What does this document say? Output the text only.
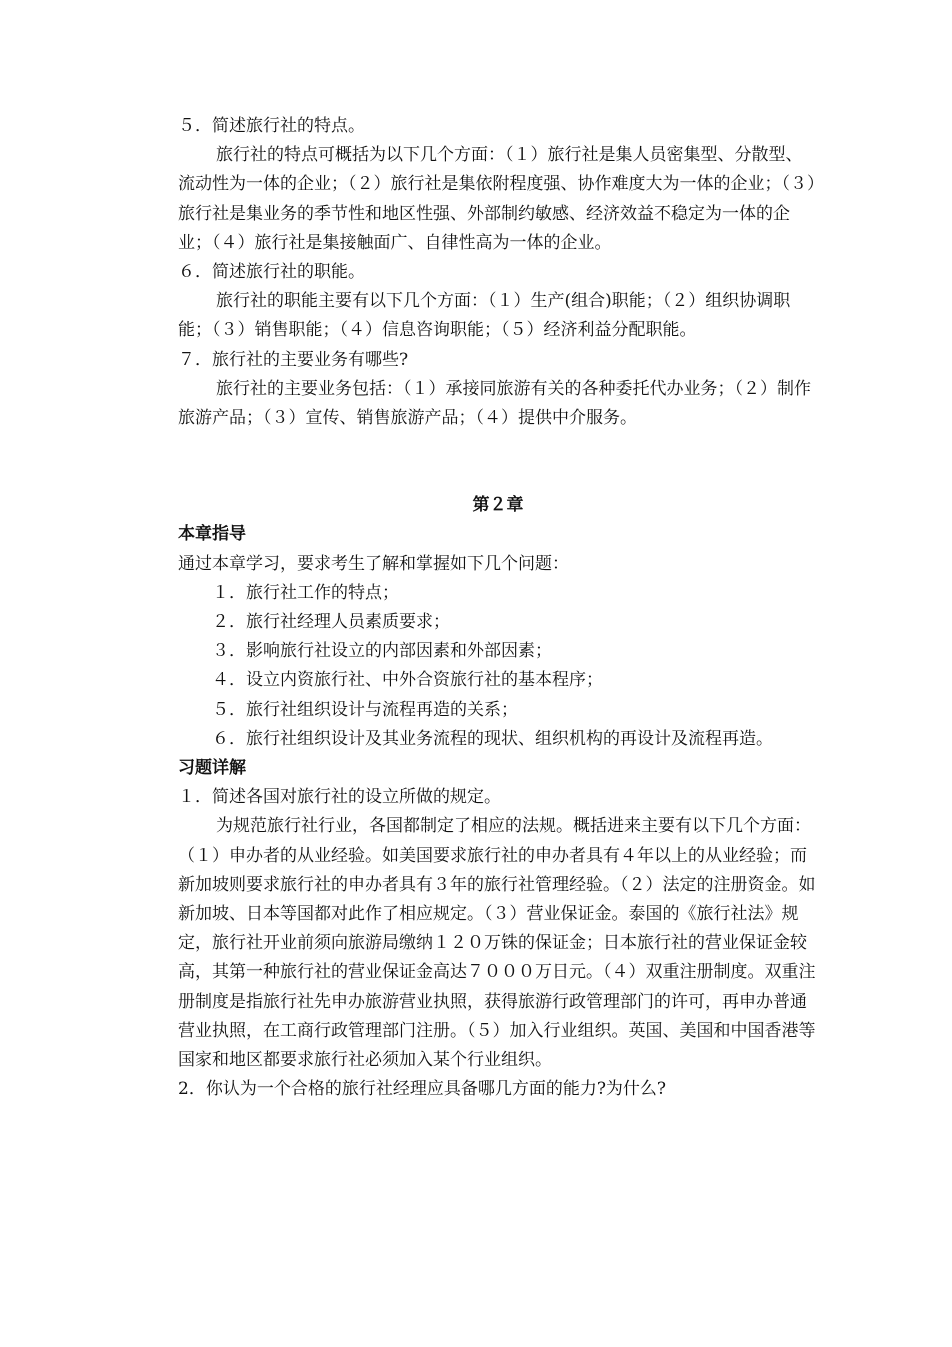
５．简述旅行社的特点。

旅行社的特点可概括为以下几个方面：（１）旅行社是集人员密集型、分散型、流动性为一体的企业；（２）旅行社是集依附程度强、协作难度大为一体的企业；（３）旅行社是集业务的季节性和地区性强、外部制约敏感、经济效益不稳定为一体的企业；（４）旅行社是集接触面广、自律性高为一体的企业。

６．简述旅行社的职能。

旅行社的职能主要有以下几个方面：（１）生产(组合)职能；（２）组织协调职能；（３）销售职能；（４）信息咨询职能；（５）经济利益分配职能。

７．旅行社的主要业务有哪些?

旅行社的主要业务包括：（１）承接同旅游有关的各种委托代办业务；（２）制作旅游产品；（３）宣传、销售旅游产品；（４）提供中介服务。

第２章

本章指导

通过本章学习，要求考生了解和掌握如下几个问题：

１．旅行社工作的特点；

２．旅行社经理人员素质要求；

３．影响旅行社设立的内部因素和外部因素；

４．设立内资旅行社、中外合资旅行社的基本程序；

５．旅行社组织设计与流程再造的关系；

６．旅行社组织设计及其业务流程的现状、组织机构的再设计及流程再造。

习题详解

１．简述各国对旅行社的设立所做的规定。

为规范旅行社行业，各国都制定了相应的法规。概括进来主要有以下几个方面：（１）申办者的从业经验。如美国要求旅行社的申办者具有４年以上的从业经验；而新加坡则要求旅行社的申办者具有３年的旅行社管理经验。（２）法定的注册资金。如新加坡、日本等国都对此作了相应规定。（３）营业保证金。泰国的《旅行社法》规定，旅行社开业前须向旅游局缴纳１２０万铢的保证金；日本旅行社的营业保证金较高，其第一种旅行社的营业保证金高达７０００万日元。（４）双重注册制度。双重注册制度是指旅行社先申办旅游营业执照，获得旅游行政管理部门的许可，再申办普通营业执照，在工商行政管理部门注册。（５）加入行业组织。英国、美国和中国香港等国家和地区都要求旅行社必须加入某个行业组织。

2．你认为一个合格的旅行社经理应具备哪几方面的能力?为什么?
